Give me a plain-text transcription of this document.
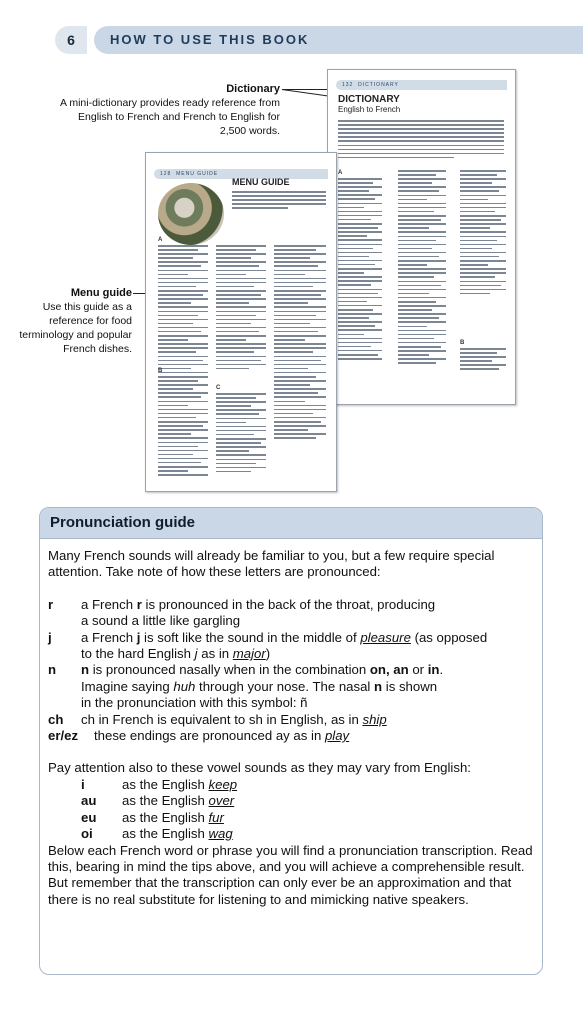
6	HOW TO USE THIS BOOK
Dictionary
A mini-dictionary provides ready reference from English to French and French to English for 2,500 words.
Menu guide
Use this guide as a reference for food terminology and popular French dishes.
132 DICTIONARY
DICTIONARY
English to French
A
B
128 MENU GUIDE
MENU GUIDE
A
B
C
Pronunciation guide

Many French sounds will already be familiar to you, but a few require special attention. Take note of how these letters are pronounced:

r a French r is pronounced in the back of the throat, producing
a sound a little like gargling
j a French j is soft like the sound in the middle of pleasure (as opposed
to the hard English j as in major)
n n is pronounced nasally when in the combination on, an or in.
Imagine saying huh through your nose. The nasal n is shown
in the pronunciation with this symbol: ñ
ch ch in French is equivalent to sh in English, as in ship
er/ez these endings are pronounced ay as in play

Pay attention also to these vowel sounds as they may vary from English:

i	as the English keep
au as the English over
eu as the English fur
oi as the English wag

Below each French word or phrase you will find a pronunciation transcription. Read this, bearing in mind the tips above, and you will achieve a comprehensible result. But remember that the transcription can only ever be an approximation and that there is no real substitute for listening to and mimicking native speakers.
